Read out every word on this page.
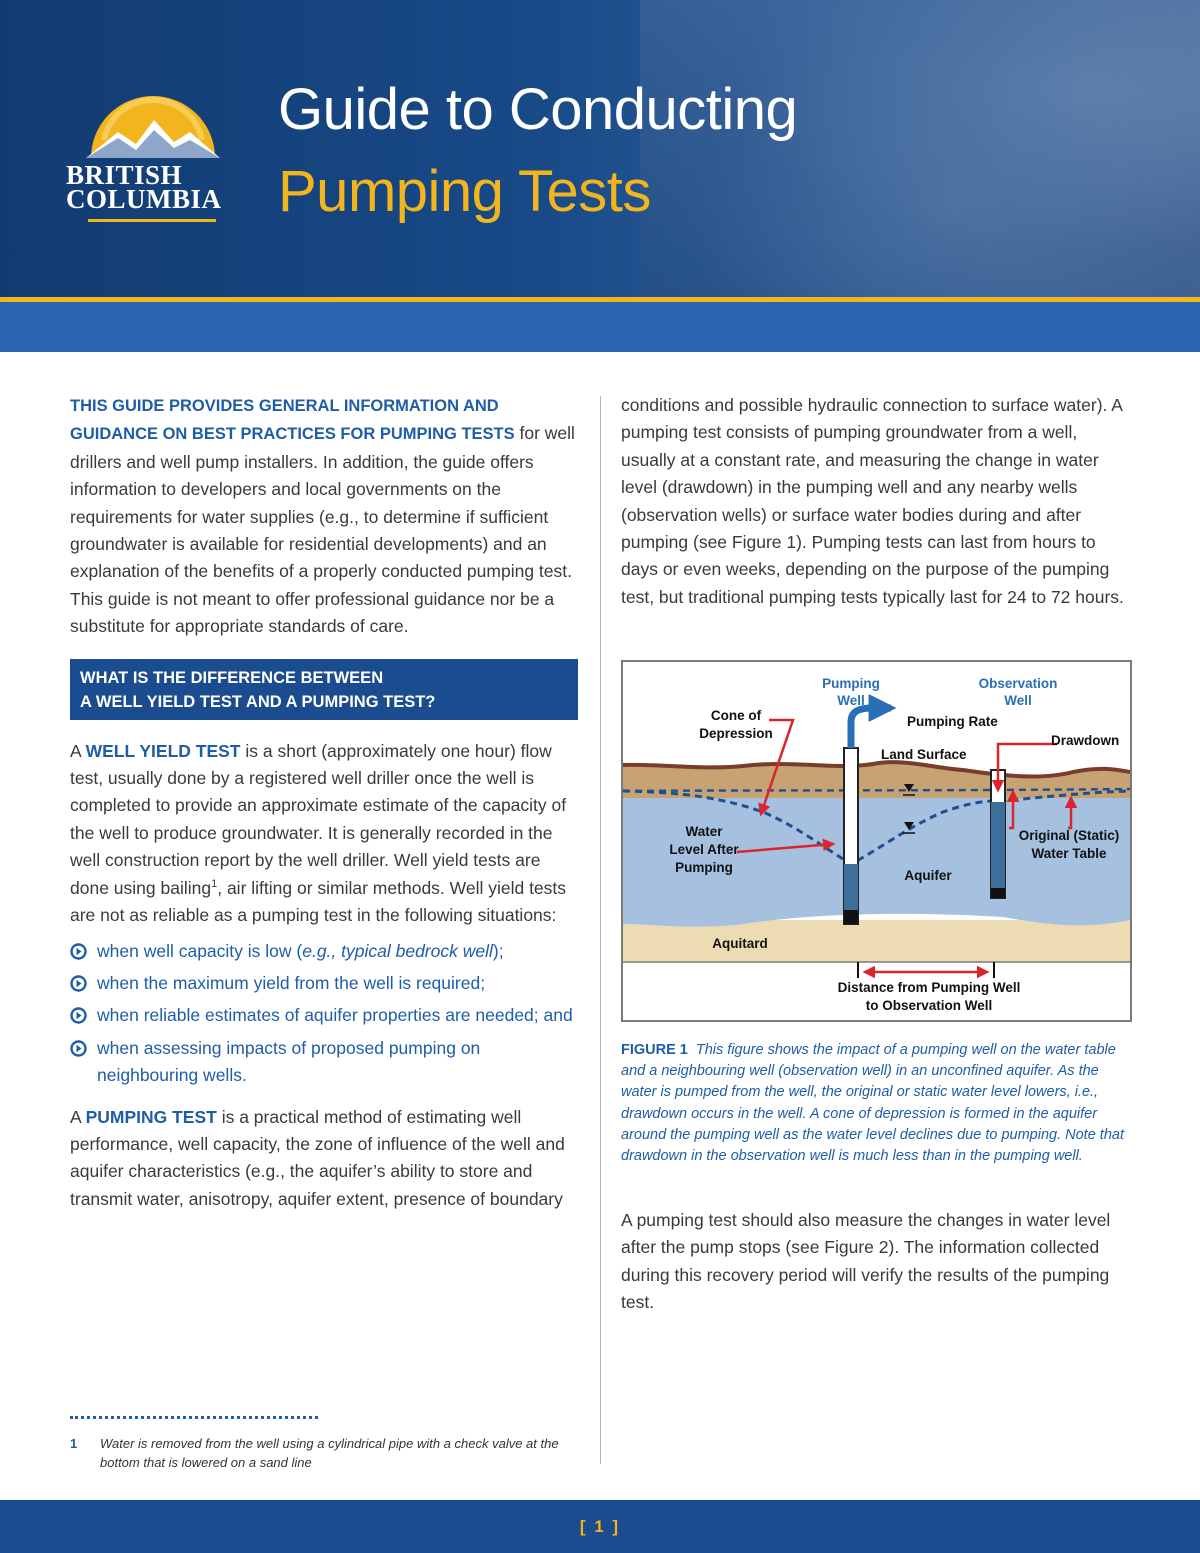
BRITISH
COLUMBIA
Guide to Conducting
Pumping Tests

THIS GUIDE PROVIDES GENERAL INFORMATION AND GUIDANCE ON BEST PRACTICES FOR PUMPING TESTS for well drillers and well pump installers. In addition, the guide offers information to developers and local governments on the requirements for water supplies (e.g., to determine if sufficient groundwater is available for residential developments) and an explanation of the benefits of a properly conducted pumping test. This guide is not meant to offer professional guidance nor be a substitute for appropriate standards of care.

WHAT IS THE DIFFERENCE BETWEEN
A WELL YIELD TEST AND A PUMPING TEST?

A WELL YIELD TEST is a short (approximately one hour) flow test, usually done by a registered well driller once the well is completed to provide an approximate estimate of the capacity of the well to produce groundwater. It is generally recorded in the well construction report by the well driller. Well yield tests are done using bailing$^1$, air lifting or similar methods. Well yield tests are not as reliable as a pumping test in the following situations:

when well capacity is low (e.g., typical bedrock well);
when the maximum yield from the well is required;
when reliable estimates of aquifer properties are needed; and
when assessing impacts of proposed pumping on neighbouring wells.

A PUMPING TEST is a practical method of estimating well performance, well capacity, the zone of influence of the well and aquifer characteristics (e.g., the aquifer’s ability to store and transmit water, anisotropy, aquifer extent, presence of boundary

1	Water is removed from the well using a cylindrical pipe with a check valve at the bottom that is lowered on a sand line

conditions and possible hydraulic connection to surface water). A pumping test consists of pumping groundwater from a well, usually at a constant rate, and measuring the change in water level (drawdown) in the pumping well and any nearby wells (observation wells) or surface water bodies during and after pumping (see Figure 1). Pumping tests can last from hours to days or even weeks, depending on the purpose of the pumping test, but traditional pumping tests typically last for 24 to 72 hours.

Pumping
Well
Observation
Well
Pumping Rate
Cone of
Depression	Drawdown
Land Surface
Water
Level After
Pumping
Original (Static)
Water Table
Aquifer
Aquitard
Distance from Pumping Well
to Observation Well
FIGURE 1 This figure shows the impact of a pumping well on the water table and a neighbouring well (observation well) in an unconfined aquifer. As the water is pumped from the well, the original or static water level lowers, i.e., drawdown occurs in the well. A cone of depression is formed in the aquifer around the pumping well as the water level declines due to pumping. Note that drawdown in the observation well is much less than in the pumping well.

A pumping test should also measure the changes in water level after the pump stops (see Figure 2). The information collected during this recovery period will verify the results of the pumping test.

[ 1 ]
